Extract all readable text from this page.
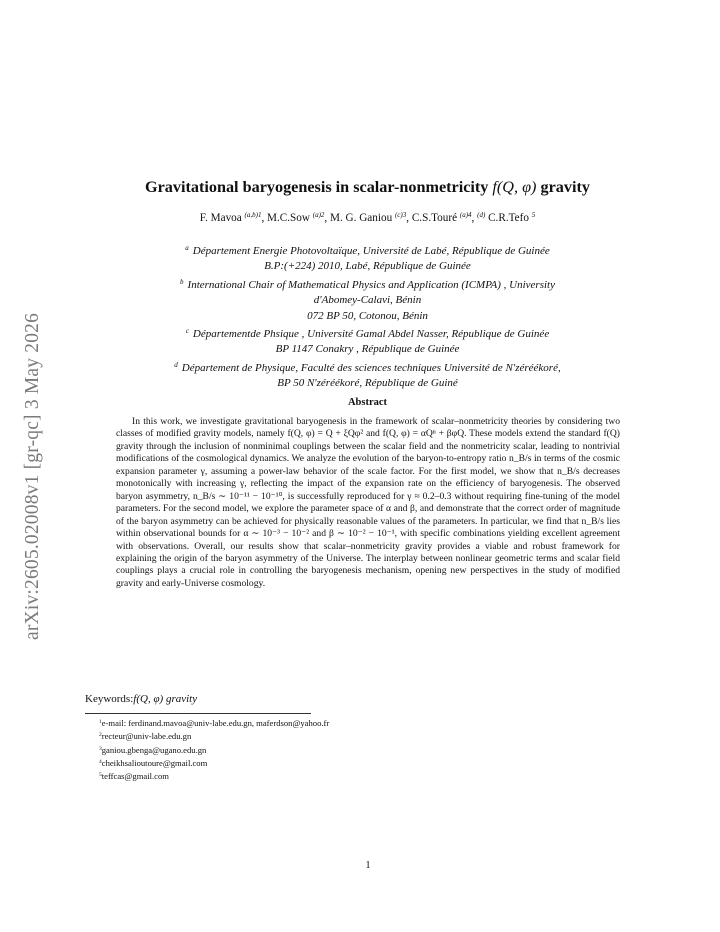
arXiv:2605.02008v1 [gr-qc] 3 May 2026
Gravitational baryogenesis in scalar-nonmetricity f(Q, φ) gravity
F. Mavoa $^{(a,b)1}$, M.C.Sow $^{(a)2}$, M. G. Ganiou $^{(c)3}$, C.S.Touré $^{(a)4}$, $^{(d)}$ C.R.Tefo $^5$
$^a$ Département Energie Photovoltaïque, Université de Labé, République de Guinée
B.P:(+224) 2010, Labé, République de Guinée
$^b$ International Chair of Mathematical Physics and Application (ICMPA) , University
d'Abomey-Calavi, Bénin
072 BP 50, Cotonou, Bénin
$^c$ Départementde Phsique , Université Gamal Abdel Nasser, République de Guinée
BP 1147 Conakry , République de Guinée
$^d$ Département de Physique, Faculté des sciences techniques Université de N'zéréékoré,
BP 50 N'zéréékoré, République de Guiné
Abstract
In this work, we investigate gravitational baryogenesis in the framework of scalar–nonmetricity theories by considering two classes of modified gravity models, namely f(Q, φ) = Q + ξQφ² and f(Q, φ) = αQⁿ + βφQ. These models extend the standard f(Q) gravity through the inclusion of nonminimal couplings between the scalar field and the nonmetricity scalar, leading to nontrivial modifications of the cosmological dynamics. We analyze the evolution of the baryon-to-entropy ratio n_B/s in terms of the cosmic expansion parameter γ, assuming a power-law behavior of the scale factor. For the first model, we show that n_B/s decreases monotonically with increasing γ, reflecting the impact of the expansion rate on the efficiency of baryogenesis. The observed baryon asymmetry, n_B/s ∼ 10⁻¹¹ − 10⁻¹⁰, is successfully reproduced for γ ≈ 0.2–0.3 without requiring fine-tuning of the model parameters. For the second model, we explore the parameter space of α and β, and demonstrate that the correct order of magnitude of the baryon asymmetry can be achieved for physically reasonable values of the parameters. In particular, we find that n_B/s lies within observational bounds for α ∼ 10⁻³ − 10⁻² and β ∼ 10⁻² − 10⁻¹, with specific combinations yielding excellent agreement with observations. Overall, our results show that scalar–nonmetricity gravity provides a viable and robust framework for explaining the origin of the baryon asymmetry of the Universe. The interplay between nonlinear geometric terms and scalar field couplings plays a crucial role in controlling the baryogenesis mechanism, opening new perspectives in the study of modified gravity and early-Universe cosmology.
Keywords:f(Q, φ) gravity
$^1$e-mail: ferdinand.mavoa@univ-labe.edu.gn, maferdson@yahoo.fr
$^2$recteur@univ-labe.edu.gn
$^3$ganiou.gbenga@ugano.edu.gn
$^4$cheikhsalioutoure@gmail.com
$^5$teffcas@gmail.com
1
